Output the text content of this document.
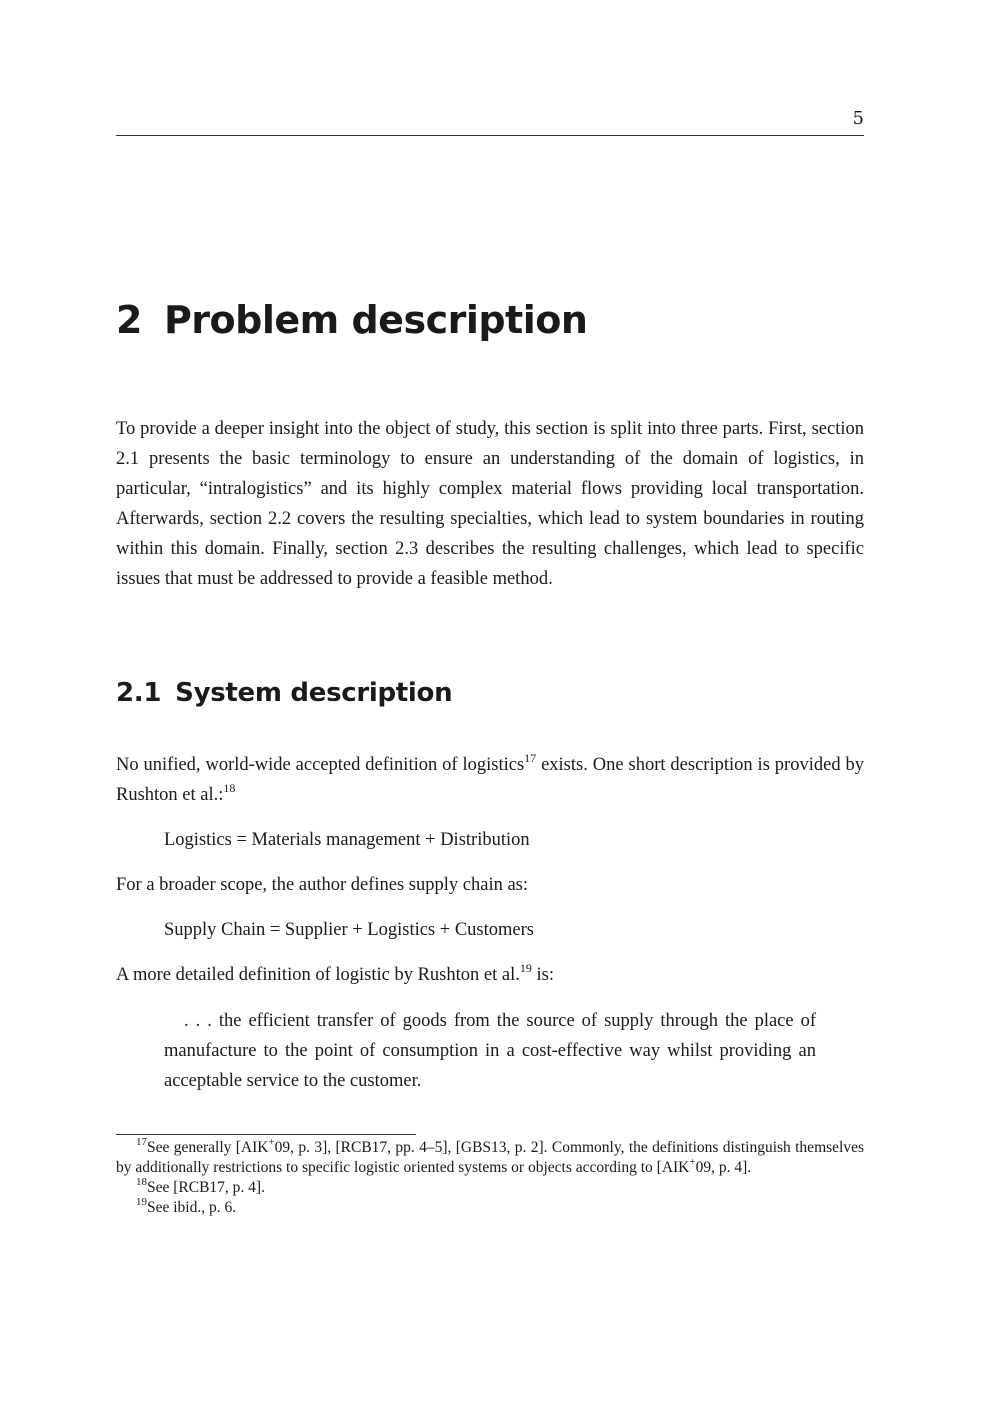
5
2 Problem description

To provide a deeper insight into the object of study, this section is split into three parts. First, section 2.1 presents the basic terminology to ensure an understanding of the domain of logistics, in particular, “intralogistics” and its highly complex material flows providing local transportation. Afterwards, section 2.2 covers the resulting specialties, which lead to system boundaries in routing within this domain. Finally, section 2.3 describes the resulting challenges, which lead to specific issues that must be addressed to provide a feasible method.

2.1 System description

No unified, world-wide accepted definition of logistics$^{17}$ exists. One short description is provided by Rushton et al.:$^{18}$

Logistics = Materials management + Distribution

For a broader scope, the author defines supply chain as:

Supply Chain = Supplier + Logistics + Customers

A more detailed definition of logistic by Rushton et al.$^{19}$ is:

. . . the efficient transfer of goods from the source of supply through the place of manufacture to the point of consumption in a cost-effective way whilst providing an acceptable service to the customer.

$^{17}$See generally [AIK+09, p. 3], [RCB17, pp. 4–5], [GBS13, p. 2]. Commonly, the definitions distinguish themselves by additionally restrictions to specific logistic oriented systems or objects according to [AIK+09, p. 4].

$^{18}$See [RCB17, p. 4].

$^{19}$See ibid., p. 6.
